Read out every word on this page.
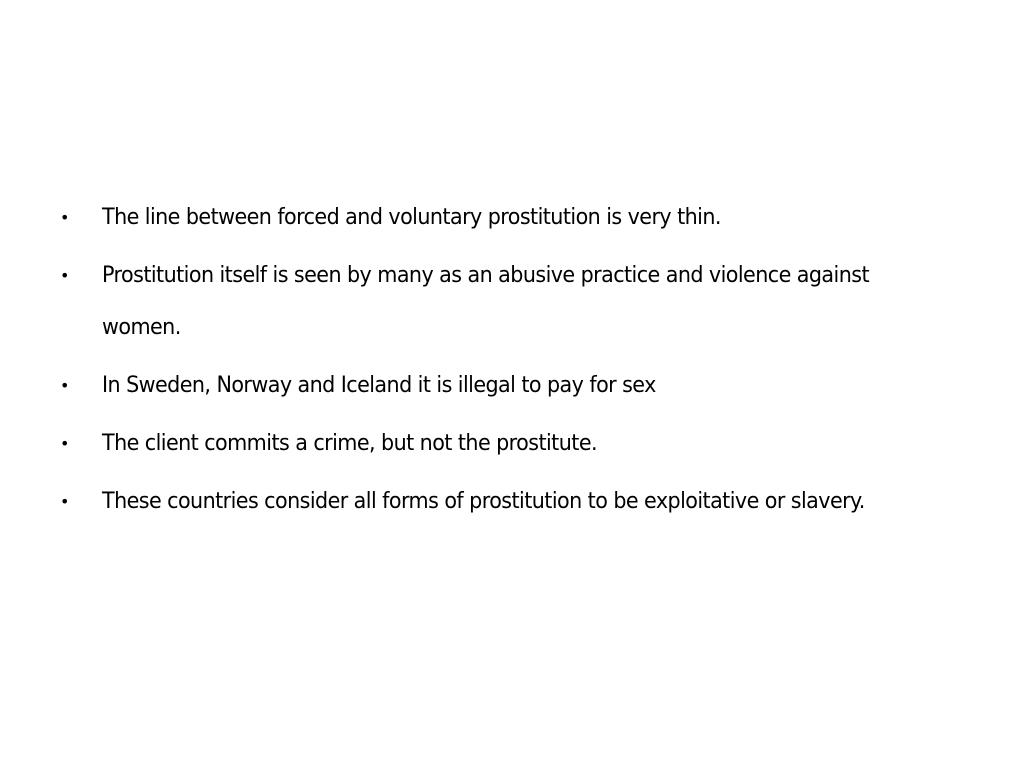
•	The line between forced and voluntary prostitution is very thin.
•	Prostitution itself is seen by many as an abusive practice and violence against women.
•	In Sweden, Norway and Iceland it is illegal to pay for sex
•	The client commits a crime, but not the prostitute.
•	These countries consider all forms of prostitution to be exploitative or slavery.
